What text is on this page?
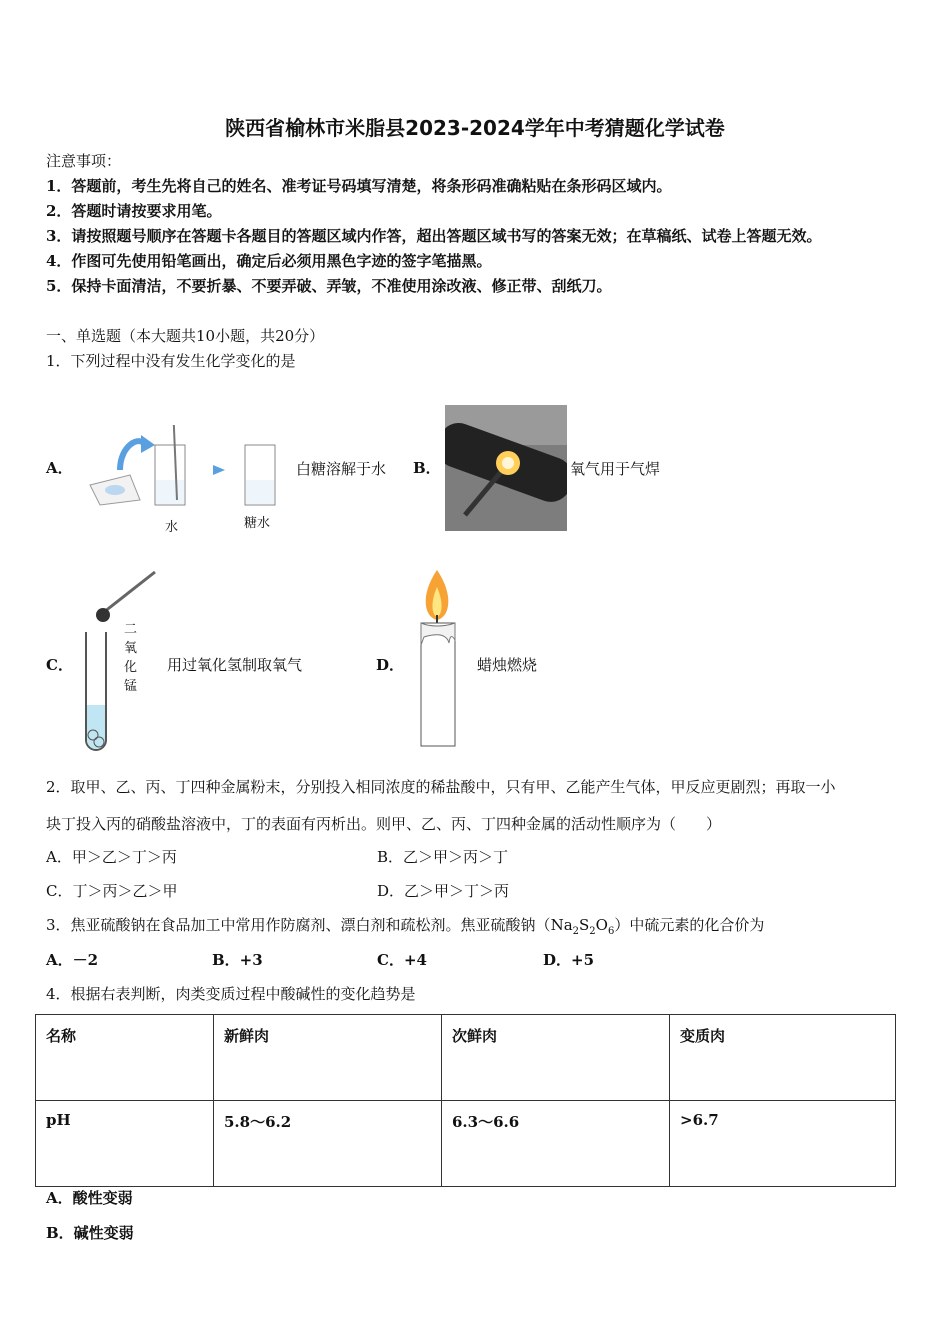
陕西省榆林市米脂县2023-2024学年中考猜题化学试卷
注意事项：
1．答题前，考生先将自己的姓名、准考证号码填写清楚，将条形码准确粘贴在条形码区域内。
2．答题时请按要求用笔。
3．请按照题号顺序在答题卡各题目的答题区域内作答，超出答题区域书写的答案无效；在草稿纸、试卷上答题无效。
4．作图可先使用铅笔画出，确定后必须用黑色字迹的签字笔描黑。
5．保持卡面清洁，不要折暴、不要弄破、弄皱，不准使用涂改液、修正带、刮纸刀。
一、单选题（本大题共10小题，共20分）
1．下列过程中没有发生化学变化的是
A．
水	糖水
白糖溶解于水 B．	氧气用于气焊
C．
二
氧
化
锰
用过氧化氢制取氧气	D．	蜡烛燃烧
2．取甲、乙、丙、丁四种金属粉末，分别投入相同浓度的稀盐酸中，只有甲、乙能产生气体，甲反应更剧烈；再取一小
块丁投入丙的硝酸盐溶液中，丁的表面有丙析出。则甲、乙、丙、丁四种金属的活动性顺序为（　　）
A．甲＞乙＞丁＞丙	B．乙＞甲＞丙＞丁
C．丁＞丙＞乙＞甲	D．乙＞甲＞丁＞丙
3．焦亚硫酸钠在食品加工中常用作防腐剂、漂白剂和疏松剂。焦亚硫酸钠$(Na_2S_2O_6)$中硫元素的化合价为
A．－2	B．+3	C．+4	D．+5
4．根据右表判断，肉类变质过程中酸碱性的变化趋势是
名称	新鲜肉	次鲜肉	变质肉
pH	5.8～6.2	6.3～6.6	>6.7
A．酸性变弱
B．碱性变弱
